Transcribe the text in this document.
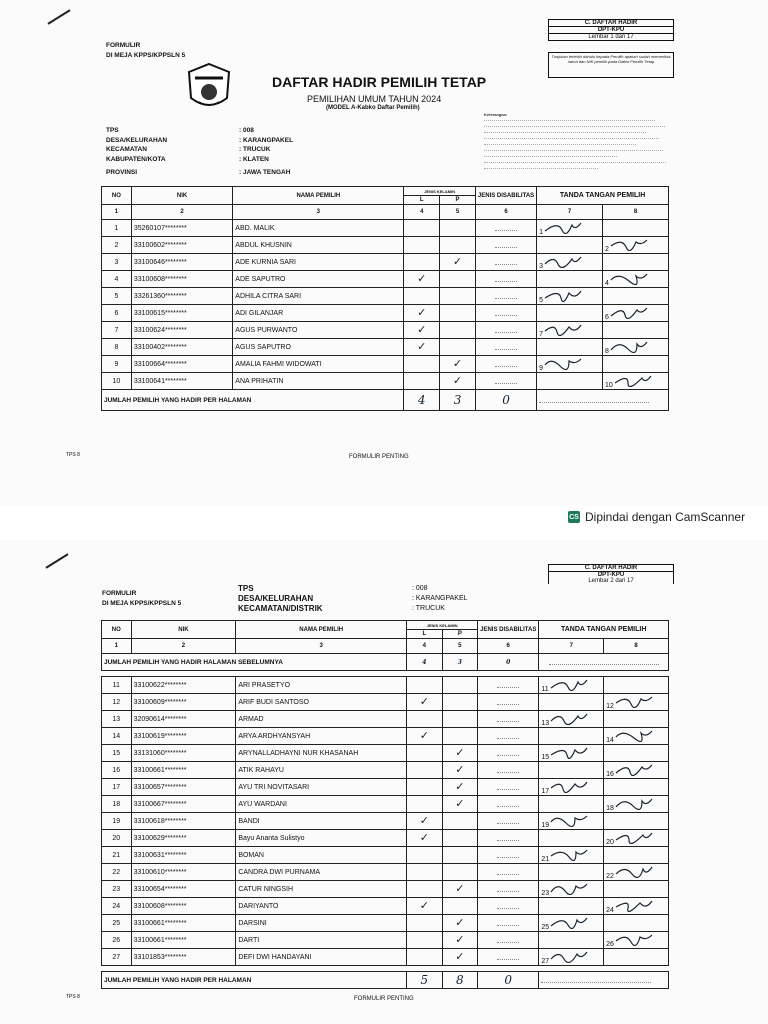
FORMULIR
DI MEJA KPPS/KPPSLN 5
C. DAFTAR HADIR
DPT-KPU
Lembar 1 dari 17
Tunjukan terlebih dahulu kepada Pemilih apakah sudah memeriksa nama dan NIK pemilih pada Daftar Pemilih Tetap
DAFTAR HADIR PEMILIH TETAP
PEMILIHAN UMUM TAHUN 2024
(MODEL A-Kabko Daftar Pemilih)
Keterangan:
TPS
DESA/KELURAHAN
KECAMATAN
KABUPATEN/KOTA
PROVINSI
: 008
: KARANGPAKEL
: TRUCUK
: KLATEN
: JAWA TENGAH
NO	NIK	NAMA PEMILIH	JENIS KELAMIN		JENIS DISABILITAS	TANDA TANGAN PEMILIH	
			L	P			
1	2	3	4	5	6	7	8
1	35260107********	ABD. MALIK				1	
2	33100602********	ABDUL KHUSNIN					2
3	33100646********	ADE KURNIA SARI		✓		3	
4	33100608********	ADE SAPUTRO	✓				4
5	33261360********	ADHILA CITRA SARI				5	
6	33100615********	ADI GILANJAR	✓				6
7	33100624********	AGUS PURWANTO	✓			7	
8	33100402********	AGUS SAPUTRO	✓				8
9	33100664********	AMALIA FAHMI WIDOWATI		✓		9	
10	33100641********	ANA PRIHATIN		✓			10
JUMLAH PEMILIH YANG HADIR PER HALAMAN			4	3	0		
TPS 8	FORMULIR PENTING
CS Dipindai dengan CamScanner
C. DAFTAR HADIR
DPT-KPU
Lembar 2 dari 17
FORMULIR
DI MEJA KPPS/KPPSLN 5
TPS
DESA/KELURAHAN
KECAMATAN/DISTRIK
: 008
: KARANGPAKEL
: TRUCUK
NO	NIK	NAMA PEMILIH	JENIS KELAMIN		JENIS DISABILITAS	TANDA TANGAN PEMILIH	
			L	P			
1	2	3	4	5	6	7	8
JUMLAH PEMILIH YANG HADIR HALAMAN SEBELUMNYA			4	3	0		

11	33100622********	ARI PRASETYO				11	
12	33100609********	ARIF BUDI SANTOSO	✓				12
13	32090614********	ARMAD				13	
14	33100619********	ARYA ARDHYANSYAH	✓				14
15	33131060********	ARYNALLADHAYNI NUR KHASANAH		✓		15	
16	33100661********	ATIK RAHAYU		✓			16
17	33100657********	AYU TRI NOVITASARI		✓		17	
18	33100667********	AYU WARDANI		✓			18
19	33100618********	BANDI	✓			19	
20	33100629********	Bayu Ananta Sulistyo	✓				20
21	33100631********	BOMAN				21	
22	33100610********	CANDRA DWI PURNAMA					22
23	33100654********	CATUR NINGSIH		✓		23	
24	33100608********	DARIYANTO	✓				24
25	33100661********	DARSINI		✓		25	
26	33100661********	DARTI		✓			26
27	33101853********	DEFI DWI HANDAYANI		✓		27	

JUMLAH PEMILIH YANG HADIR PER HALAMAN			5	8	0		
TPS 8	FORMULIR PENTING
